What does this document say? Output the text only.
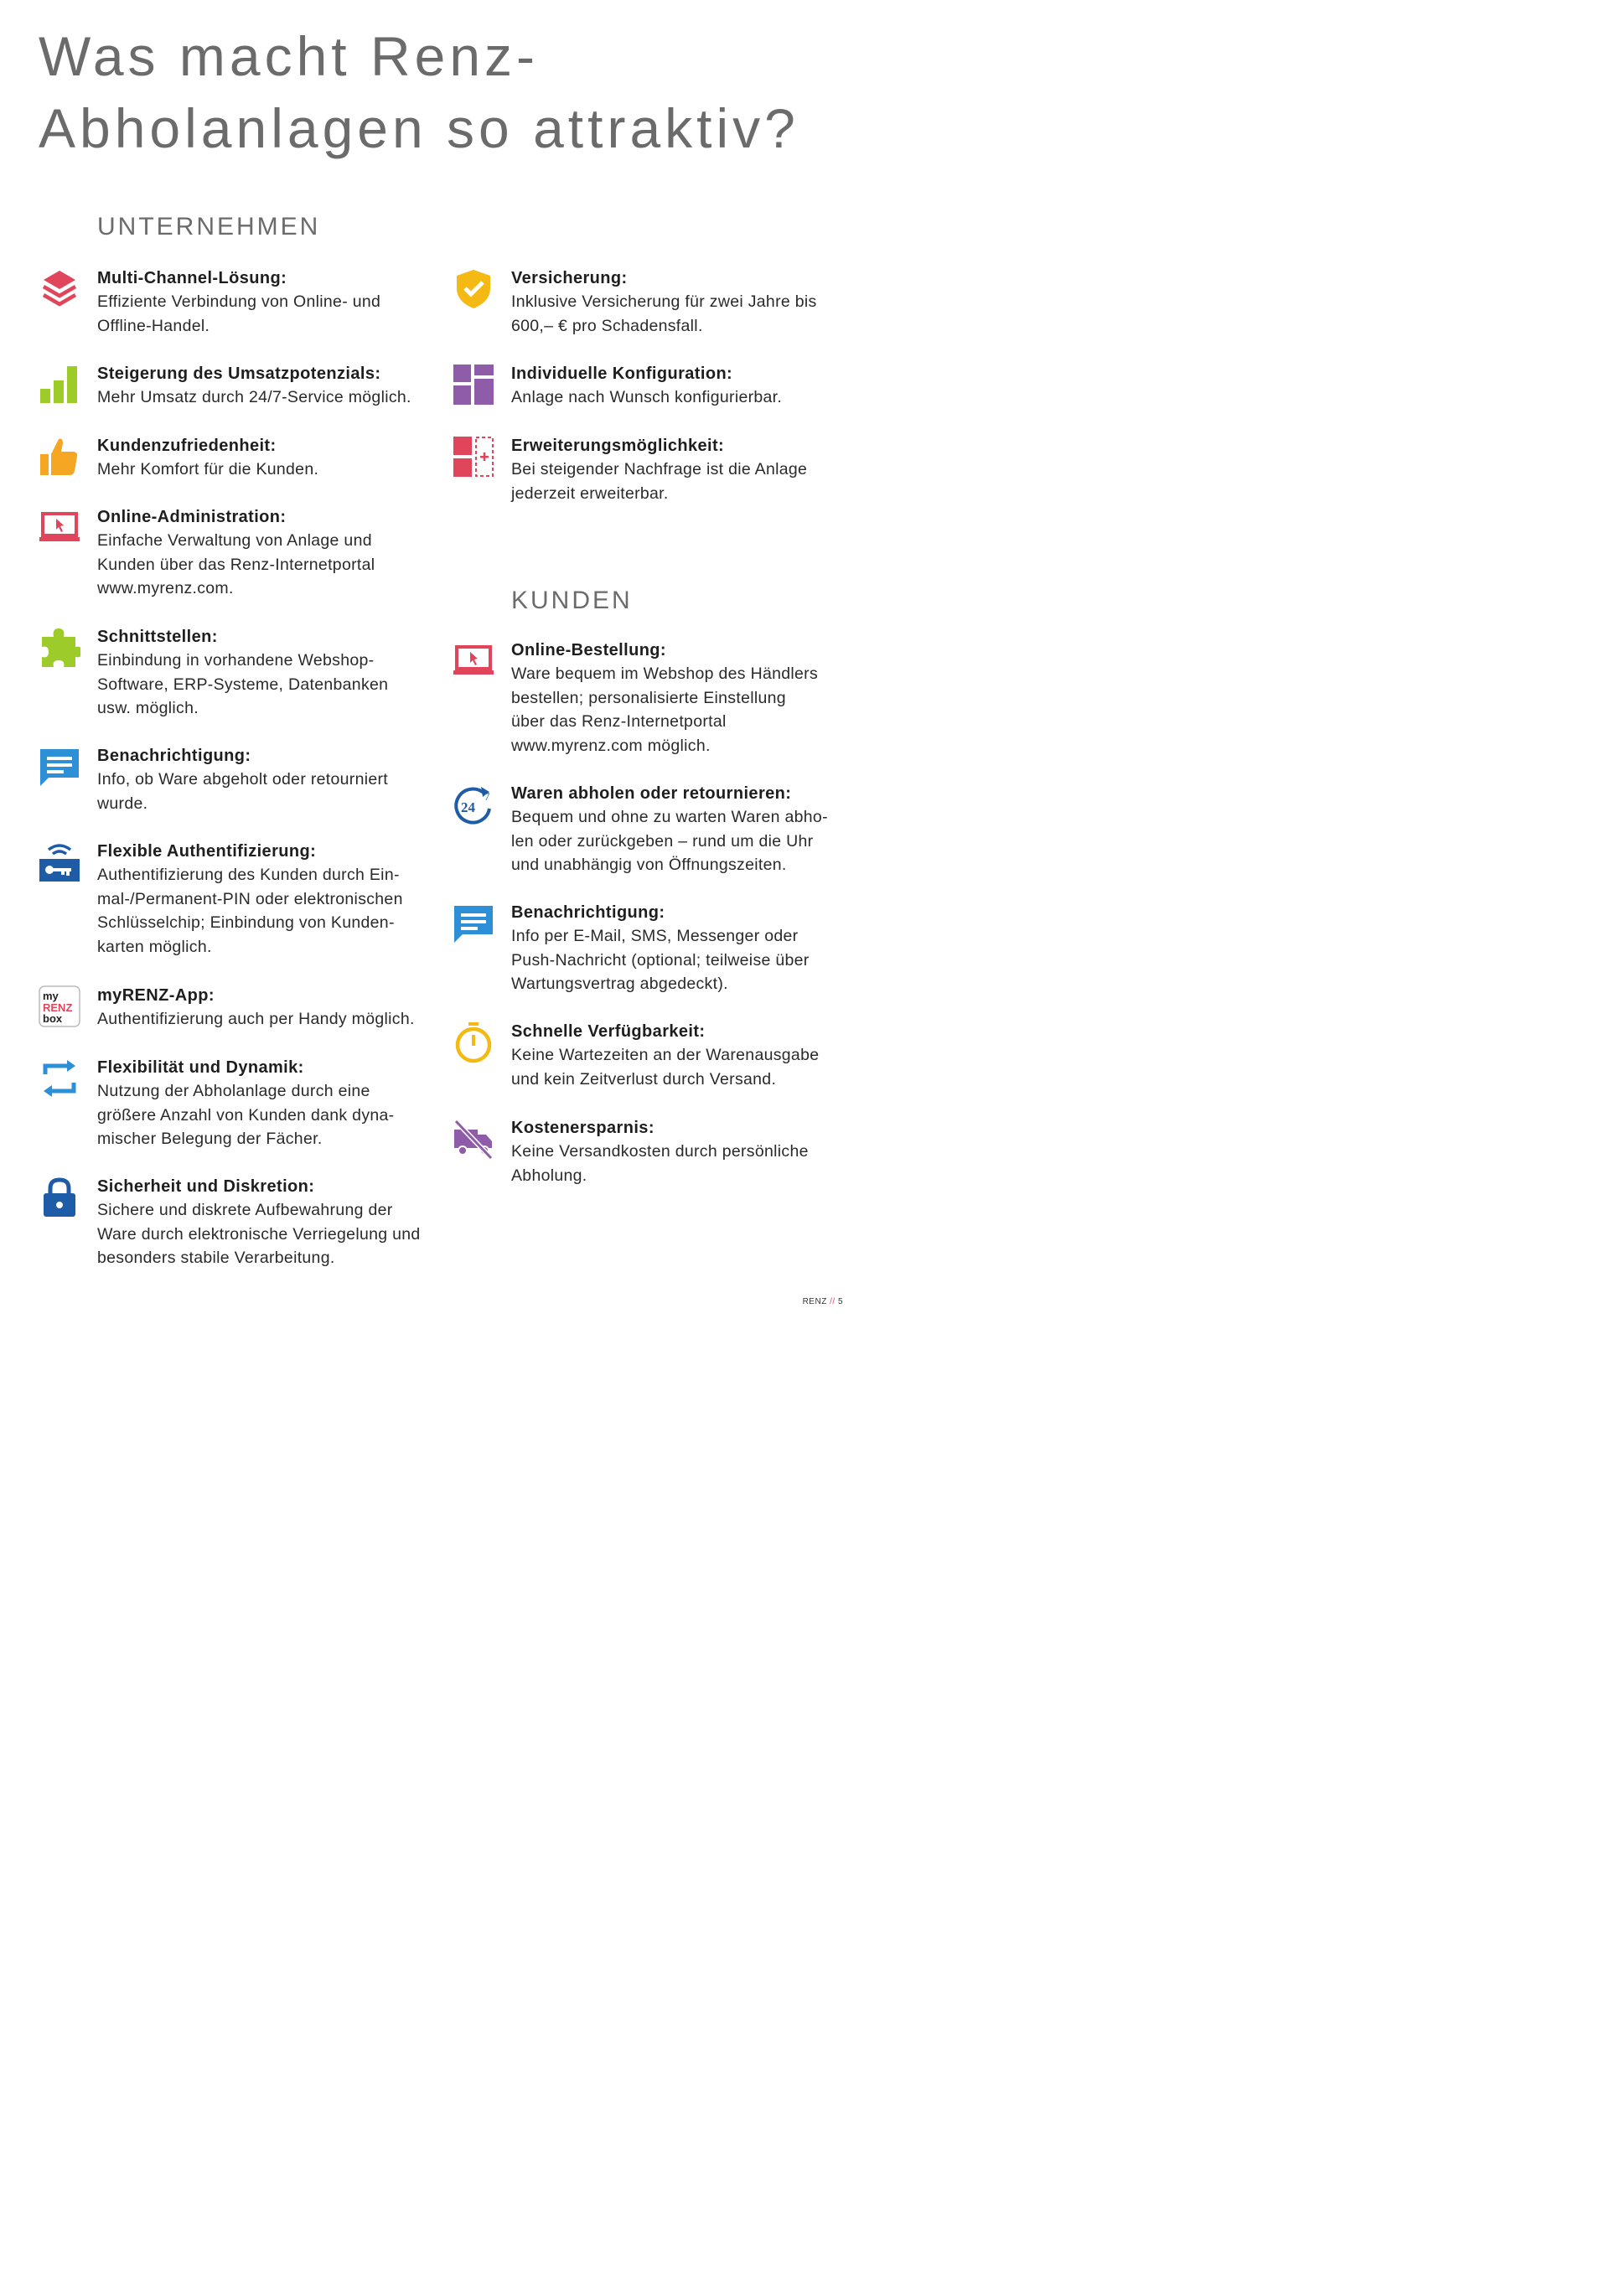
Was macht Renz-Abholanlagen so attraktiv?
UNTERNEHMEN
Multi-Channel-Lösung:
Effiziente Verbindung von Online- und
Offline-Handel.
Steigerung des Umsatzpotenzials:
Mehr Umsatz durch 24/7-Service möglich.
Kundenzufriedenheit:
Mehr Komfort für die Kunden.
Online-Administration:
Einfache Verwaltung von Anlage und
Kunden über das Renz-Internetportal
www.myrenz.com.
Schnittstellen:
Einbindung in vorhandene Webshop-
Software, ERP-Systeme, Datenbanken
usw. möglich.
Benachrichtigung:
Info, ob Ware abgeholt oder retourniert
wurde.
Flexible Authentifizierung:
Authentifizierung des Kunden durch Ein-
mal-/Permanent-PIN oder elektronischen
Schlüsselchip; Einbindung von Kunden-
karten möglich.
my
RENZ
box
myRENZ-App:
Authentifizierung auch per Handy möglich.
Flexibilität und Dynamik:
Nutzung der Abholanlage durch eine
größere Anzahl von Kunden dank dyna-
mischer Belegung der Fächer.
Sicherheit und Diskretion:
Sichere und diskrete Aufbewahrung der
Ware durch elektronische Verriegelung und
besonders stabile Verarbeitung.
Versicherung:
Inklusive Versicherung für zwei Jahre bis
600,– € pro Schadensfall.
Individuelle Konfiguration:
Anlage nach Wunsch konfigurierbar.
Erweiterungsmöglichkeit:
Bei steigender Nachfrage ist die Anlage
jederzeit erweiterbar.
KUNDEN
Online-Bestellung:
Ware bequem im Webshop des Händlers
bestellen; personalisierte Einstellung
über das Renz-Internetportal
www.myrenz.com möglich.
24
7 Waren abholen oder retournieren:
Bequem und ohne zu warten Waren abho-
len oder zurückgeben – rund um die Uhr
und unabhängig von Öffnungszeiten.
Benachrichtigung:
Info per E-Mail, SMS, Messenger oder
Push-Nachricht (optional; teilweise über
Wartungsvertrag abgedeckt).
Schnelle Verfügbarkeit:
Keine Wartezeiten an der Warenausgabe
und kein Zeitverlust durch Versand.
Kostenersparnis:
Keine Versandkosten durch persönliche
Abholung.
RENZ // 5
